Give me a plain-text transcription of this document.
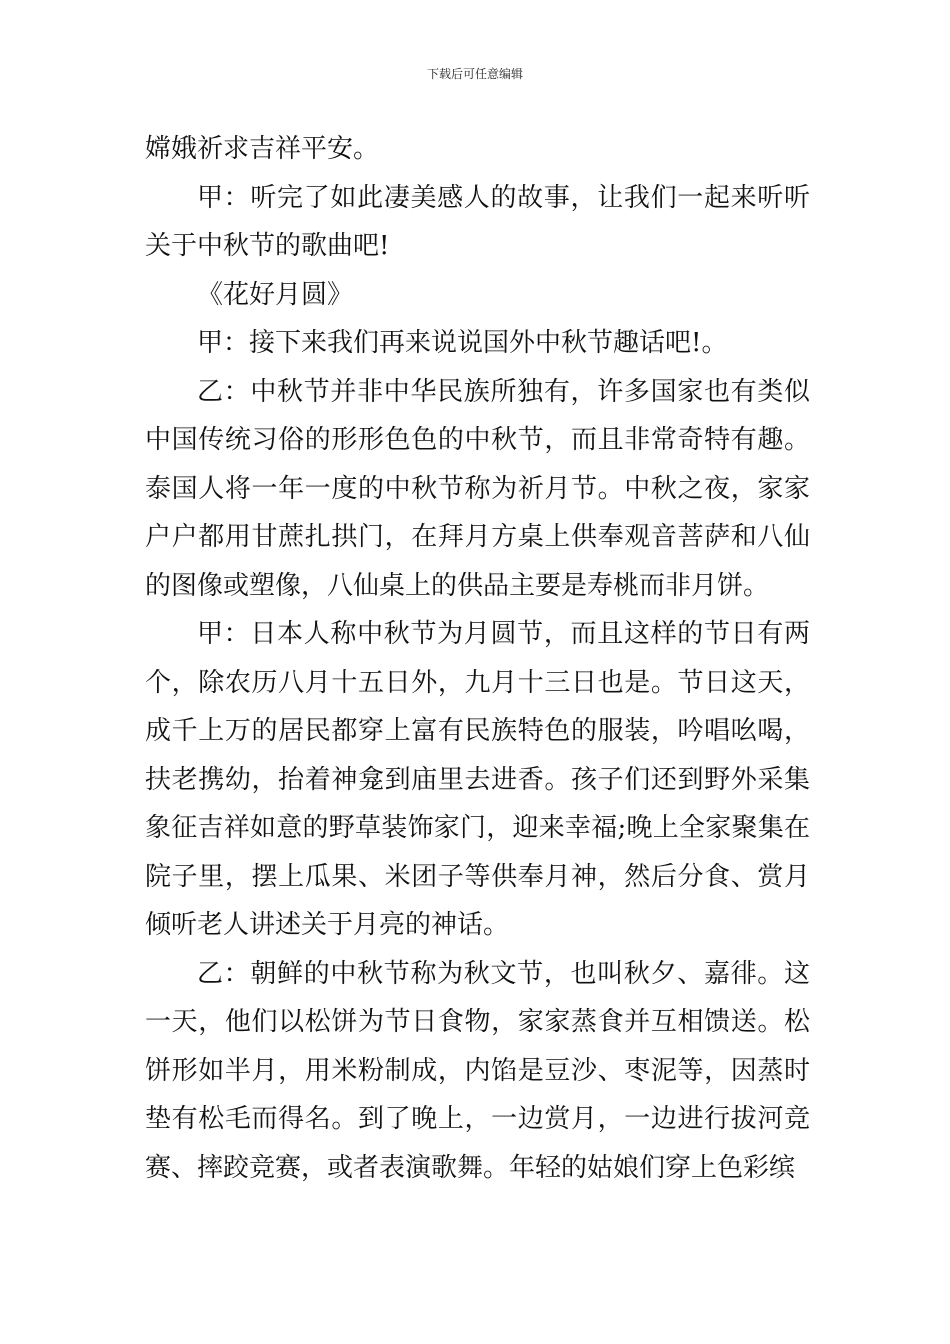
下载后可任意编辑

嫦娥祈求吉祥平安。

甲：听完了如此凄美感人的故事，让我们一起来听听关于中秋节的歌曲吧!

《花好月圆》

甲：接下来我们再来说说国外中秋节趣话吧!。

乙：中秋节并非中华民族所独有，许多国家也有类似中国传统习俗的形形色色的中秋节，而且非常奇特有趣。泰国人将一年一度的中秋节称为祈月节。中秋之夜，家家户户都用甘蔗扎拱门，在拜月方桌上供奉观音菩萨和八仙的图像或塑像，八仙桌上的供品主要是寿桃而非月饼。

甲：日本人称中秋节为月圆节，而且这样的节日有两个，除农历八月十五日外，九月十三日也是。节日这天，成千上万的居民都穿上富有民族特色的服装，吟唱吆喝，扶老携幼，抬着神龛到庙里去进香。孩子们还到野外采集象征吉祥如意的野草装饰家门，迎来幸福;晚上全家聚集在院子里，摆上瓜果、米团子等供奉月神，然后分食、赏月倾听老人讲述关于月亮的神话。

乙：朝鲜的中秋节称为秋文节，也叫秋夕、嘉徘。这一天，他们以松饼为节日食物，家家蒸食并互相馈送。松饼形如半月，用米粉制成，内馅是豆沙、枣泥等，因蒸时垫有松毛而得名。到了晚上，一边赏月，一边进行拔河竞赛、摔跤竞赛，或者表演歌舞。年轻的姑娘们穿上色彩缤
